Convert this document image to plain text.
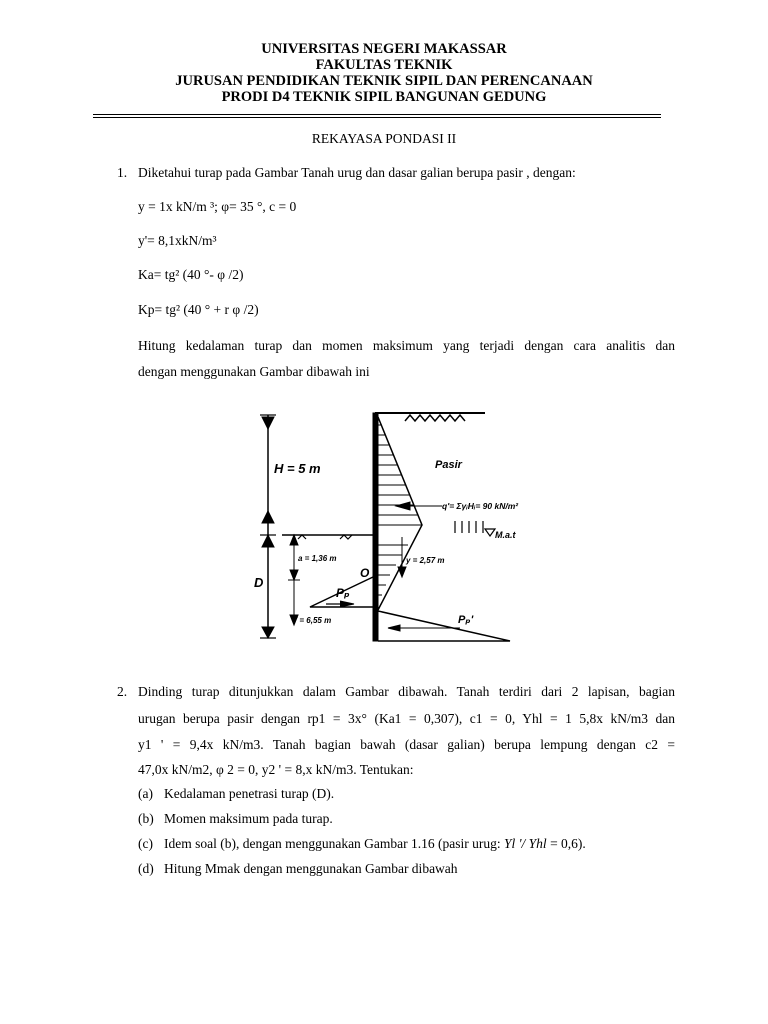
UNIVERSITAS NEGERI MAKASSAR
FAKULTAS TEKNIK
JURUSAN PENDIDIKAN TEKNIK SIPIL DAN PERENCANAAN
PRODI D4 TEKNIK SIPIL BANGUNAN GEDUNG
REKAYASA PONDASI II
1. Diketahui turap pada Gambar Tanah urug dan dasar galian berupa pasir , dengan:
y = 1x kN/m ³; φ= 35 °, c = 0
y'= 8,1xkN/m³
Ka= tg² (40 °- φ /2)
Kp= tg² (40 ° + r φ /2)
Hitung kedalaman turap dan momen maksimum yang terjadi dengan cara analitis dan
dengan menggunakan Gambar dibawah ini
H = 5 m
D
Pasir
q'= ΣγᵢHᵢ= 90 kN/m²
M.a.t
a = 1,36 m	y = 2,57 m
O
Pₚ
Pₚ'
Y = 6,55 m
2. Dinding turap ditunjukkan dalam Gambar dibawah. Tanah terdiri dari 2 lapisan, bagian
urugan berupa pasir dengan rp1 = 3x° (Ka1 = 0,307), c1 = 0, Yhl = 1 5,8x kN/m3 dan
y1 ' = 9,4x kN/m3. Tanah bagian bawah (dasar galian) berupa lempung dengan c2 =
47,0x kN/m2, φ 2 = 0, y2 ' = 8,x kN/m3. Tentukan:
(a) Kedalaman penetrasi turap (D).
(b) Momen maksimum pada turap.
(c) Idem soal (b), dengan menggunakan Gambar 1.16 (pasir urug: Yl '/ Yhl = 0,6).
(d) Hitung Mmak dengan menggunakan Gambar dibawah
